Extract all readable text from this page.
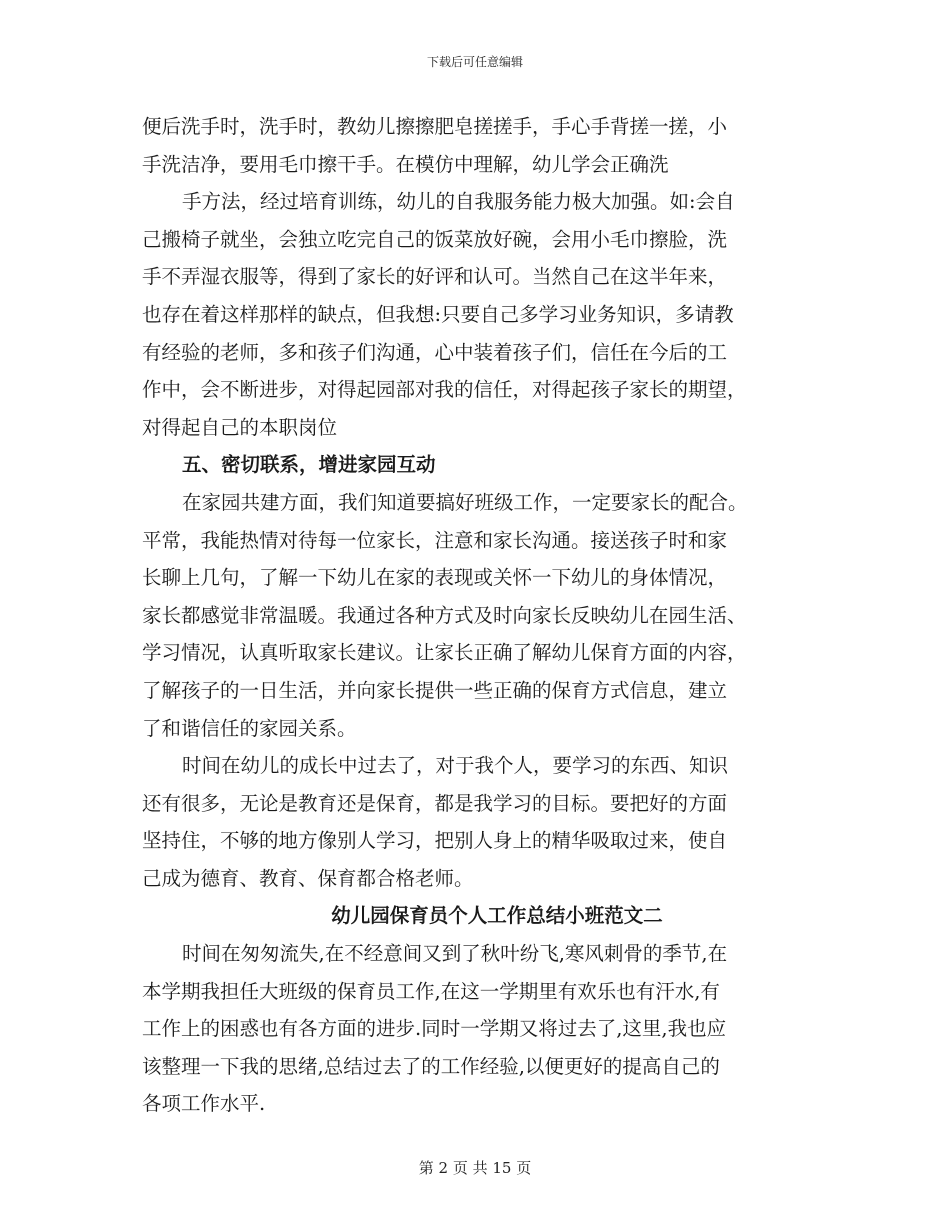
下载后可任意编辑
便后洗手时，洗手时，教幼儿擦擦肥皂搓搓手，手心手背搓一搓，小
手洗洁净，要用毛巾擦干手。在模仿中理解，幼儿学会正确洗
手方法，经过培育训练，幼儿的自我服务能力极大加强。如:会自
己搬椅子就坐，会独立吃完自己的饭菜放好碗，会用小毛巾擦脸，洗
手不弄湿衣服等，得到了家长的好评和认可。当然自己在这半年来，
也存在着这样那样的缺点，但我想:只要自己多学习业务知识，多请教
有经验的老师，多和孩子们沟通，心中装着孩子们，信任在今后的工
作中，会不断进步，对得起园部对我的信任，对得起孩子家长的期望，
对得起自己的本职岗位
五、密切联系，增进家园互动
在家园共建方面，我们知道要搞好班级工作，一定要家长的配合。
平常，我能热情对待每一位家长，注意和家长沟通。接送孩子时和家
长聊上几句，了解一下幼儿在家的表现或关怀一下幼儿的身体情况，
家长都感觉非常温暖。我通过各种方式及时向家长反映幼儿在园生活、
学习情况，认真听取家长建议。让家长正确了解幼儿保育方面的内容，
了解孩子的一日生活，并向家长提供一些正确的保育方式信息，建立
了和谐信任的家园关系。
时间在幼儿的成长中过去了，对于我个人，要学习的东西、知识
还有很多，无论是教育还是保育，都是我学习的目标。要把好的方面
坚持住，不够的地方像别人学习，把别人身上的精华吸取过来，使自
己成为德育、教育、保育都合格老师。
幼儿园保育员个人工作总结小班范文二
时间在匆匆流失,在不经意间又到了秋叶纷飞,寒风刺骨的季节,在
本学期我担任大班级的保育员工作,在这一学期里有欢乐也有汗水,有
工作上的困惑也有各方面的进步.同时一学期又将过去了,这里,我也应
该整理一下我的思绪,总结过去了的工作经验,以便更好的提高自己的
各项工作水平.
第 2 页 共 15 页
